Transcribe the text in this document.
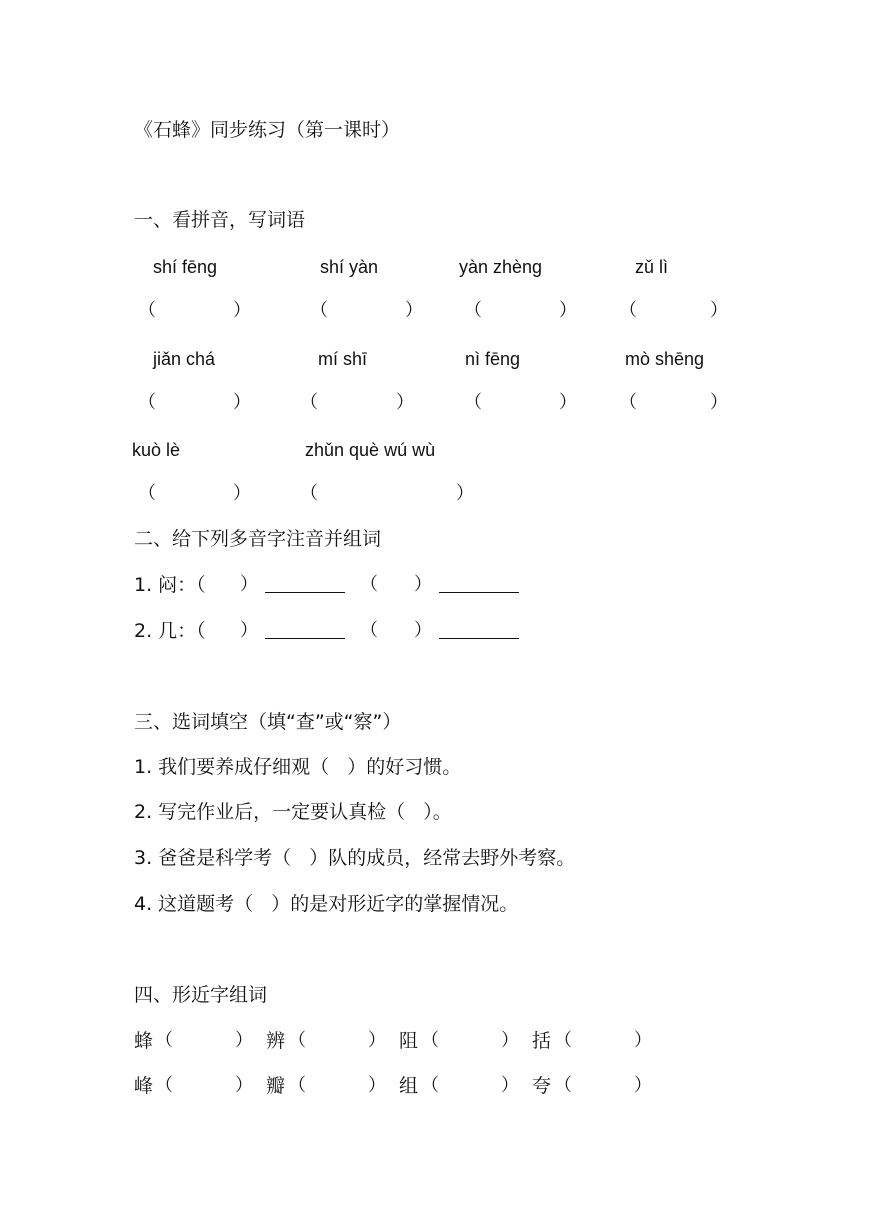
《石蜂》同步练习（第一课时）
一、看拼音，写词语
shí fēng	shí yàn	yàn zhèng	zǔ lì
（	）	（	） （	） （	）
jiǎn chá	mí shī	nì fēng	mò shēng
（	）	（	）	（	） （	）
kuò lè	zhǔn què wú wù
（	）	（	）
二、给下列多音字注音并组词
1. 闷：（ ）	（ ）
2. 几：（ ）	（ ）
三、选词填空（填“查”或“察”）
1. 我们要养成仔细观（   ）的好习惯。
2. 写完作业后，一定要认真检（   ）。
3. 爸爸是科学考（   ）队的成员，经常去野外考察。
4. 这道题考（   ）的是对形近字的掌握情况。
四、形近字组词
蜂 （	） 辨 （	） 阻 （	） 括 （	）
峰 （	） 瓣 （	） 组 （	） 夸 （	）
